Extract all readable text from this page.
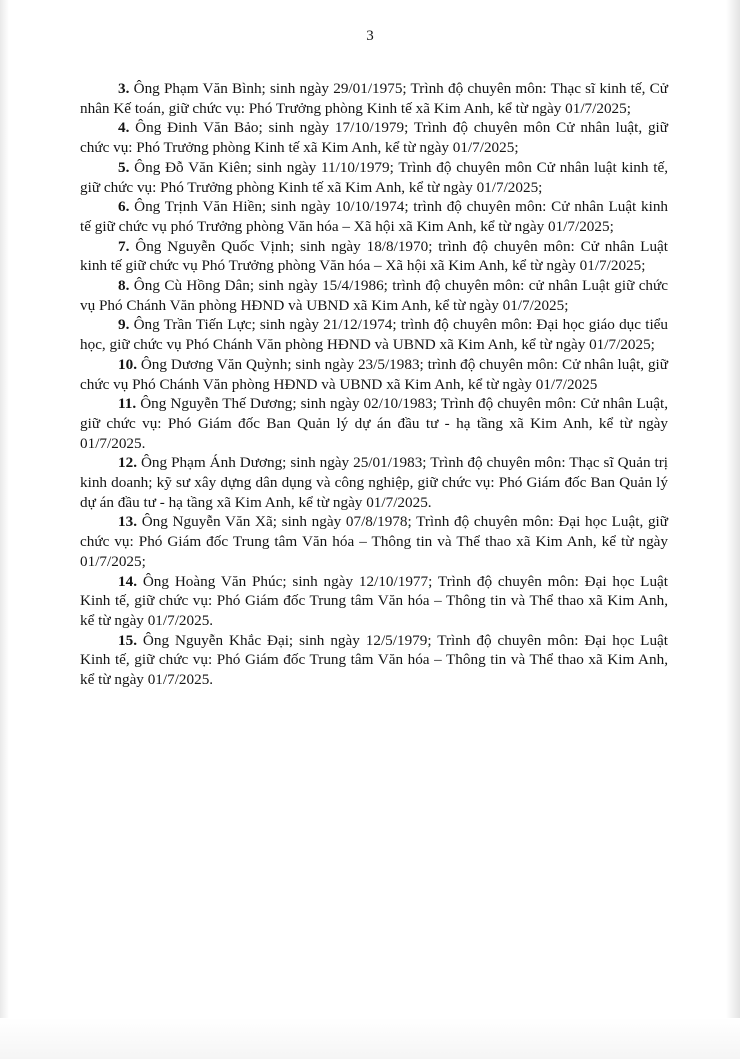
3

3. Ông Phạm Văn Bình; sinh ngày 29/01/1975; Trình độ chuyên môn: Thạc sĩ kinh tế, Cử nhân Kế toán, giữ chức vụ: Phó Trưởng phòng Kinh tế xã Kim Anh, kể từ ngày 01/7/2025;

4. Ông Đinh Văn Bảo; sinh ngày 17/10/1979; Trình độ chuyên môn Cử nhân luật, giữ chức vụ: Phó Trưởng phòng Kinh tế xã Kim Anh, kể từ ngày 01/7/2025;

5. Ông Đỗ Văn Kiên; sinh ngày 11/10/1979; Trình độ chuyên môn Cử nhân luật kinh tế, giữ chức vụ: Phó Trưởng phòng Kinh tế xã Kim Anh, kể từ ngày 01/7/2025;

6. Ông Trịnh Văn Hiền; sinh ngày 10/10/1974; trình độ chuyên môn: Cử nhân Luật kinh tế giữ chức vụ phó Trưởng phòng Văn hóa – Xã hội xã Kim Anh, kể từ ngày 01/7/2025;

7. Ông Nguyễn Quốc Vịnh; sinh ngày 18/8/1970; trình độ chuyên môn: Cử nhân Luật kinh tế giữ chức vụ Phó Trưởng phòng Văn hóa – Xã hội xã Kim Anh, kể từ ngày 01/7/2025;

8. Ông Cù Hồng Dân; sinh ngày 15/4/1986; trình độ chuyên môn: cử nhân Luật giữ chức vụ Phó Chánh Văn phòng HĐND và UBND xã Kim Anh, kể từ ngày 01/7/2025;

9. Ông Trần Tiến Lực; sinh ngày 21/12/1974; trình độ chuyên môn: Đại học giáo dục tiểu học, giữ chức vụ Phó Chánh Văn phòng HĐND và UBND xã Kim Anh, kể từ ngày 01/7/2025;

10. Ông Dương Văn Quỳnh; sinh ngày 23/5/1983; trình độ chuyên môn: Cử nhân luật, giữ chức vụ Phó Chánh Văn phòng HĐND và UBND xã Kim Anh, kể từ ngày 01/7/2025

11. Ông Nguyễn Thế Dương; sinh ngày 02/10/1983; Trình độ chuyên môn: Cử nhân Luật, giữ chức vụ: Phó Giám đốc Ban Quản lý dự án đầu tư - hạ tầng xã Kim Anh, kể từ ngày 01/7/2025.

12. Ông Phạm Ánh Dương; sinh ngày 25/01/1983; Trình độ chuyên môn: Thạc sĩ Quản trị kinh doanh; kỹ sư xây dựng dân dụng và công nghiệp, giữ chức vụ: Phó Giám đốc Ban Quản lý dự án đầu tư - hạ tầng xã Kim Anh, kể từ ngày 01/7/2025.

13. Ông Nguyễn Văn Xã; sinh ngày 07/8/1978; Trình độ chuyên môn: Đại học Luật, giữ chức vụ: Phó Giám đốc Trung tâm Văn hóa – Thông tin và Thể thao xã Kim Anh, kể từ ngày 01/7/2025;

14. Ông Hoàng Văn Phúc; sinh ngày 12/10/1977; Trình độ chuyên môn: Đại học Luật Kinh tế, giữ chức vụ: Phó Giám đốc Trung tâm Văn hóa – Thông tin và Thể thao xã Kim Anh, kể từ ngày 01/7/2025.

15. Ông Nguyễn Khắc Đại; sinh ngày 12/5/1979; Trình độ chuyên môn: Đại học Luật Kinh tế, giữ chức vụ: Phó Giám đốc Trung tâm Văn hóa – Thông tin và Thể thao xã Kim Anh, kể từ ngày 01/7/2025.
